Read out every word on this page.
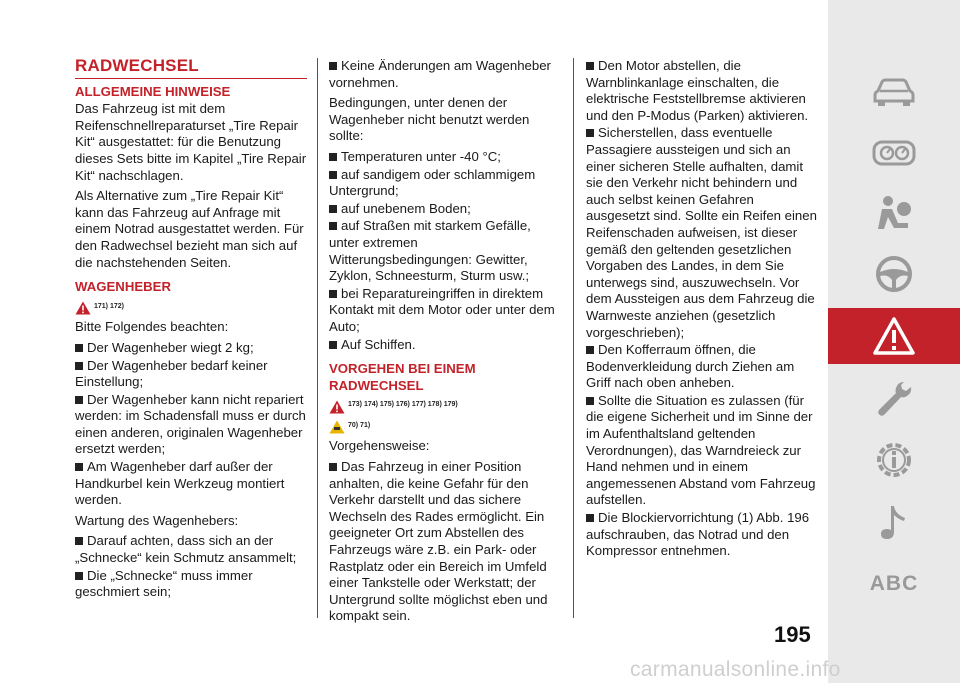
RADWECHSEL
ALLGEMEINE HINWEISE

Das Fahrzeug ist mit dem Reifenschnellreparaturset „Tire Repair Kit“ ausgestattet: für die Benutzung dieses Sets bitte im Kapitel „Tire Repair Kit“ nachschlagen.

Als Alternative zum „Tire Repair Kit“ kann das Fahrzeug auf Anfrage mit einem Notrad ausgestattet werden. Für den Radwechsel bezieht man sich auf die nachstehenden Seiten.

WAGENHEBER
171) 172)

Bitte Folgendes beachten:

Der Wagenheber wiegt 2 kg;
Der Wagenheber bedarf keiner Einstellung;
Der Wagenheber kann nicht repariert werden: im Schadensfall muss er durch einen anderen, originalen Wagenheber ersetzt werden;
Am Wagenheber darf außer der Handkurbel kein Werkzeug montiert werden.

Wartung des Wagenhebers:

Darauf achten, dass sich an der „Schnecke“ kein Schmutz ansammelt;
Die „Schnecke“ muss immer geschmiert sein;
Keine Änderungen am Wagenheber vornehmen.

Bedingungen, unter denen der Wagenheber nicht benutzt werden sollte:

Temperaturen unter -40 °C;
auf sandigem oder schlammigem Untergrund;
auf unebenem Boden;
auf Straßen mit starkem Gefälle, unter extremen Witterungsbedingungen: Gewitter, Zyklon, Schneesturm, Sturm usw.;
bei Reparatureingriffen in direktem Kontakt mit dem Motor oder unter dem Auto;
Auf Schiffen.
VORGEHEN BEI EINEM RADWECHSEL
173) 174) 175) 176) 177) 178) 179)
70) 71)

Vorgehensweise:

Das Fahrzeug in einer Position anhalten, die keine Gefahr für den Verkehr darstellt und das sichere Wechseln des Rades ermöglicht. Ein geeigneter Ort zum Abstellen des Fahrzeugs wäre z.B. ein Park- oder Rastplatz oder ein Bereich im Umfeld einer Tankstelle oder Werkstatt; der Untergrund sollte möglichst eben und kompakt sein.
Den Motor abstellen, die Warnblinkanlage einschalten, die elektrische Feststellbremse aktivieren und den P-Modus (Parken) aktivieren.
Sicherstellen, dass eventuelle Passagiere aussteigen und sich an einer sicheren Stelle aufhalten, damit sie den Verkehr nicht behindern und auch selbst keinen Gefahren ausgesetzt sind. Sollte ein Reifen einen Reifenschaden aufweisen, ist dieser gemäß den geltenden gesetzlichen Vorgaben des Landes, in dem Sie unterwegs sind, auszuwechseln. Vor dem Aussteigen aus dem Fahrzeug die Warnweste anziehen (gesetzlich vorgeschrieben);
Den Kofferraum öffnen, die Bodenverkleidung durch Ziehen am Griff nach oben anheben.
Sollte die Situation es zulassen (für die eigene Sicherheit und im Sinne der im Aufenthaltsland geltenden Verordnungen), das Warndreieck zur Hand nehmen und in einem angemessenen Abstand vom Fahrzeug aufstellen.
Die Blockiervorrichtung (1) Abb. 196 aufschrauben, das Notrad und den Kompressor entnehmen.
195
ABC
carmanualsonline.info
